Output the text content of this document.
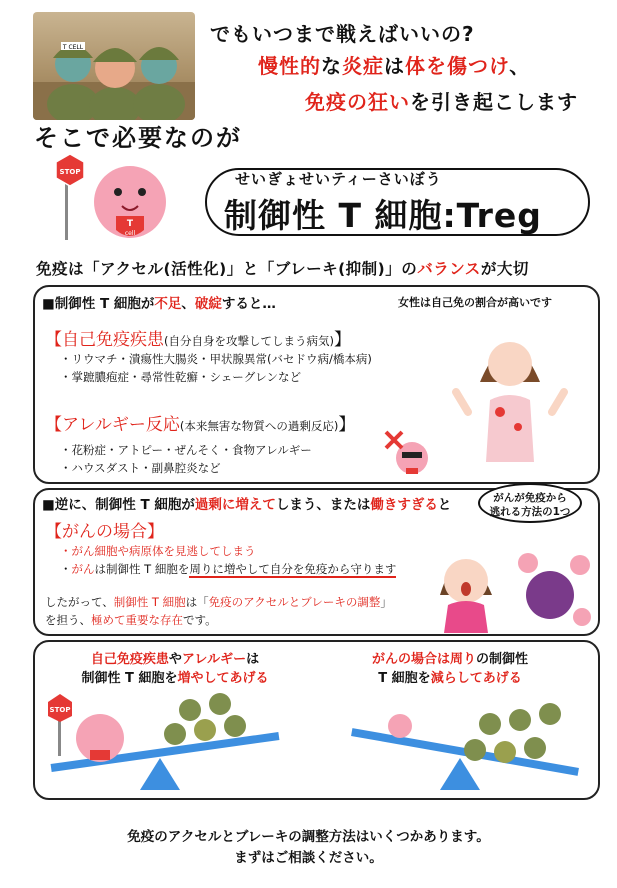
T CELL
でもいつまで戦えばいいの?
慢性的な炎症は体を傷つけ、
免疫の狂いを引き起こします
そこで必要なのが
STOP
T
cell
せいぎょせいティーさいぼう
制御性 T 細胞:Treg
免疫は「アクセル(活性化)」と「ブレーキ(抑制)」のバランスが大切
■制御性 T 細胞が不足、破綻すると…	女性は自己免の割合が高いです
【自己免疫疾患(自分自身を攻撃してしまう病気)】
・リウマチ・潰瘍性大腸炎・甲状腺異常(バセドウ病/橋本病)
・掌蹠膿疱症・尋常性乾癬・シェーグレンなど
【アレルギー反応(本来無害な物質への過剰反応)】
・花粉症・アトピー・ぜんそく・食物アレルギー
・ハウスダスト・副鼻腔炎など
■逆に、制御性 T 細胞が過剰に増えてしまう、または働きすぎると	がんが免疫から
逃れる方法の1つ
【がんの場合】
・がん細胞や病原体を見逃してしまう
・がんは制御性 T 細胞を周りに増やして自分を免疫から守ります
したがって、制御性 T 細胞は「免疫のアクセルとブレーキの調整」
を担う、極めて重要な存在です。
自己免疫疾患やアレルギーは
制御性 T 細胞を増やしてあげる
がんの場合は周りの制御性
T 細胞を減らしてあげる
STOP
免疫のアクセルとブレーキの調整方法はいくつかあります。
まずはご相談ください。
